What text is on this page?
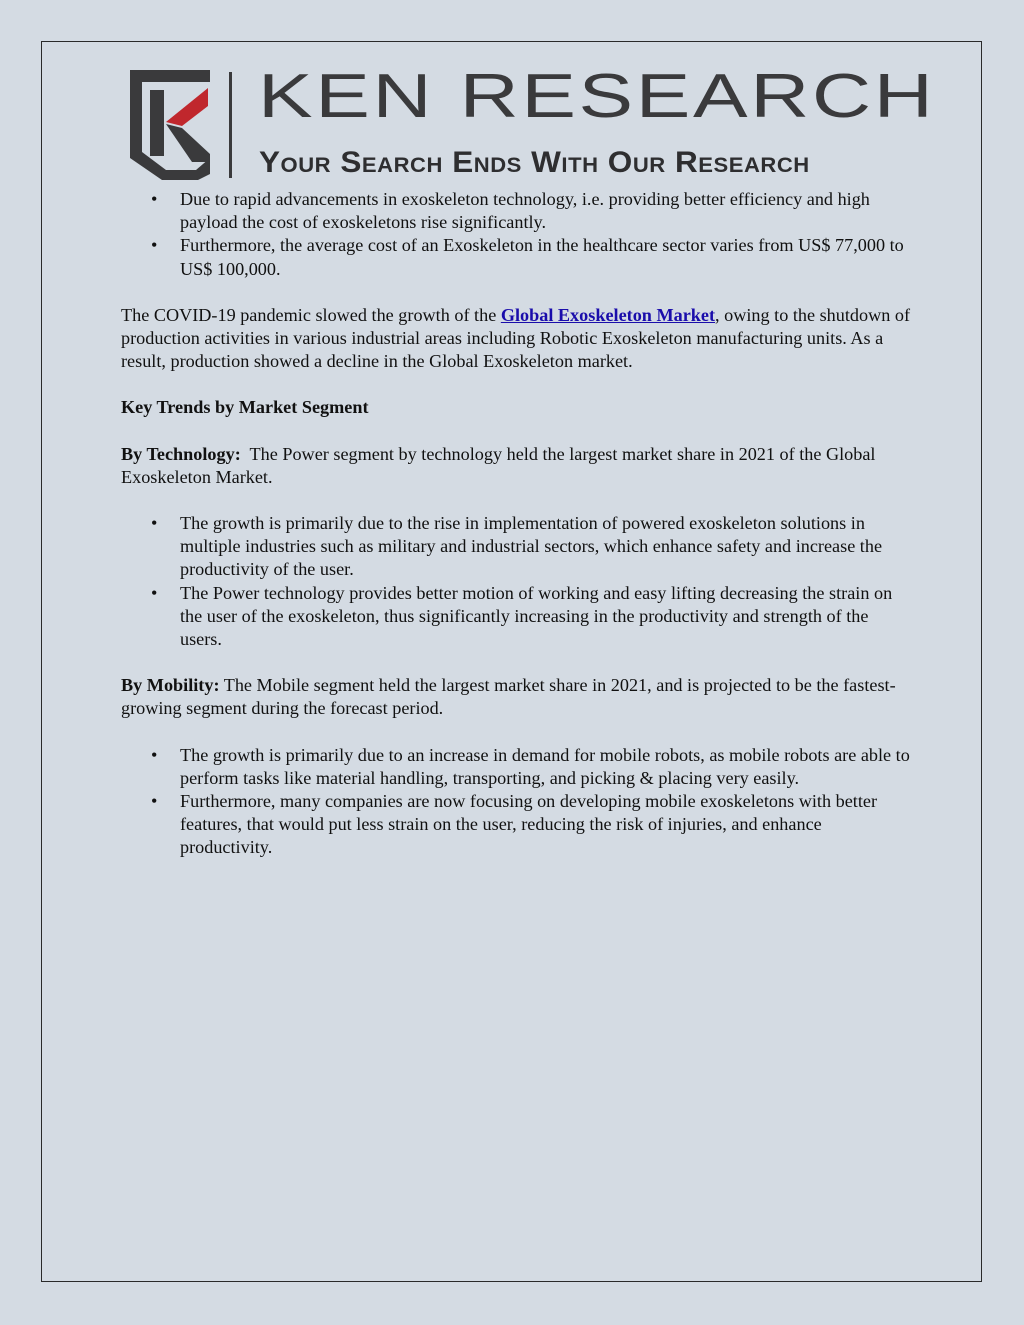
KEN RESEARCH
Your Search Ends With Our Research
• Due to rapid advancements in exoskeleton technology, i.e. providing better efficiency and high payload the cost of exoskeletons rise significantly.
• Furthermore, the average cost of an Exoskeleton in the healthcare sector varies from US$ 77,000 to US$ 100,000.

The COVID-19 pandemic slowed the growth of the Global Exoskeleton Market, owing to the shutdown of production activities in various industrial areas including Robotic Exoskeleton manufacturing units. As a result, production showed a decline in the Global Exoskeleton market.

Key Trends by Market Segment

By Technology:  The Power segment by technology held the largest market share in 2021 of the Global Exoskeleton Market.

• The growth is primarily due to the rise in implementation of powered exoskeleton solutions in multiple industries such as military and industrial sectors, which enhance safety and increase the productivity of the user.
• The Power technology provides better motion of working and easy lifting decreasing the strain on the user of the exoskeleton, thus significantly increasing in the productivity and strength of the users.

By Mobility: The Mobile segment held the largest market share in 2021, and is projected to be the fastest-growing segment during the forecast period.

• The growth is primarily due to an increase in demand for mobile robots, as mobile robots are able to perform tasks like material handling, transporting, and picking & placing very easily.
• Furthermore, many companies are now focusing on developing mobile exoskeletons with better features, that would put less strain on the user, reducing the risk of injuries, and enhance productivity.
